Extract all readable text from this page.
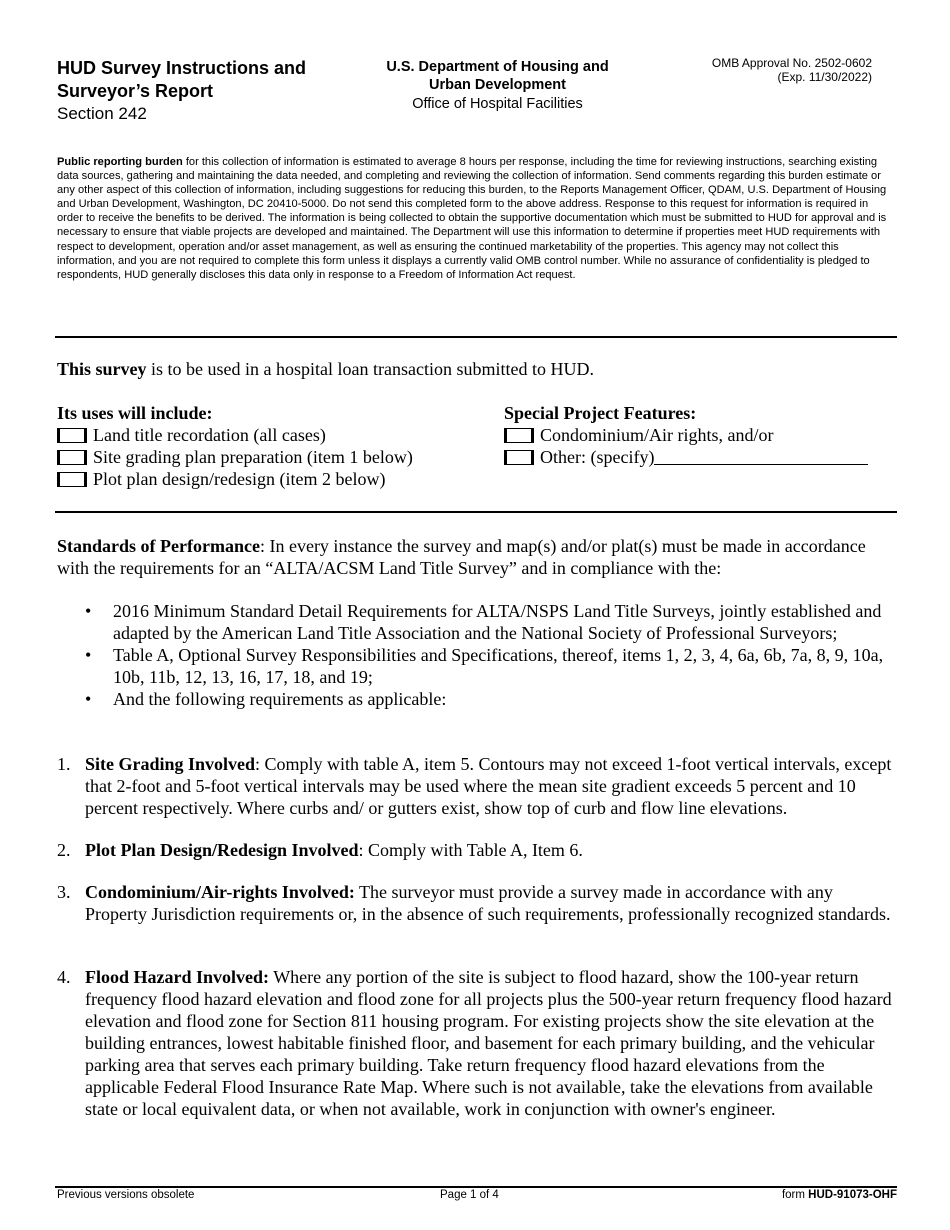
HUD Survey Instructions and
Surveyor’s Report
Section 242
U.S. Department of Housing and
Urban Development
Office of Hospital Facilities
OMB Approval No. 2502-0602
(Exp. 11/30/2022)
Public reporting burden for this collection of information is estimated to average 8 hours per response, including the time for reviewing instructions, searching existing data sources, gathering and maintaining the data needed, and completing and reviewing the collection of information. Send comments regarding this burden estimate or any other aspect of this collection of information, including suggestions for reducing this burden, to the Reports Management Officer, QDAM, U.S. Department of Housing and Urban Development, Washington, DC 20410-5000. Do not send this completed form to the above address. Response to this request for information is required in order to receive the benefits to be derived. The information is being collected to obtain the supportive documentation which must be submitted to HUD for approval and is necessary to ensure that viable projects are developed and maintained. The Department will use this information to determine if properties meet HUD requirements with respect to development, operation and/or asset management, as well as ensuring the continued marketability of the properties. This agency may not collect this information, and you are not required to complete this form unless it displays a currently valid OMB control number. While no assurance of confidentiality is pledged to respondents, HUD generally discloses this data only in response to a Freedom of Information Act request.
This survey is to be used in a hospital loan transaction submitted to HUD.
Its uses will include:
Land title recordation (all cases)
Site grading plan preparation (item 1 below)
Plot plan design/redesign (item 2 below)
Special Project Features:
Condominium/Air rights, and/or
Other: (specify)
Standards of Performance: In every instance the survey and map(s) and/or plat(s) must be made in accordance with the requirements for an “ALTA/ACSM Land Title Survey” and in compliance with the:
• 2016 Minimum Standard Detail Requirements for ALTA/NSPS Land Title Surveys, jointly established and adapted by the American Land Title Association and the National Society of Professional Surveyors;
• Table A, Optional Survey Responsibilities and Specifications, thereof, items 1, 2, 3, 4, 6a, 6b, 7a, 8, 9, 10a, 10b, 11b, 12, 13, 16, 17, 18, and 19;
• And the following requirements as applicable:
1. Site Grading Involved: Comply with table A, item 5. Contours may not exceed 1-foot vertical intervals, except that 2-foot and 5-foot vertical intervals may be used where the mean site gradient exceeds 5 percent and 10 percent respectively. Where curbs and/ or gutters exist, show top of curb and flow line elevations.
2. Plot Plan Design/Redesign Involved: Comply with Table A, Item 6.
3. Condominium/Air-rights Involved: The surveyor must provide a survey made in accordance with any Property Jurisdiction requirements or, in the absence of such requirements, professionally recognized standards.
4. Flood Hazard Involved: Where any portion of the site is subject to flood hazard, show the 100-year return frequency flood hazard elevation and flood zone for all projects plus the 500-year return frequency flood hazard elevation and flood zone for Section 811 housing program. For existing projects show the site elevation at the building entrances, lowest habitable finished floor, and basement for each primary building, and the vehicular parking area that serves each primary building. Take return frequency flood hazard elevations from the applicable Federal Flood Insurance Rate Map. Where such is not available, take the elevations from available state or local equivalent data, or when not available, work in conjunction with owner's engineer.
Previous versions obsolete	Page 1 of 4	form HUD-91073-OHF
